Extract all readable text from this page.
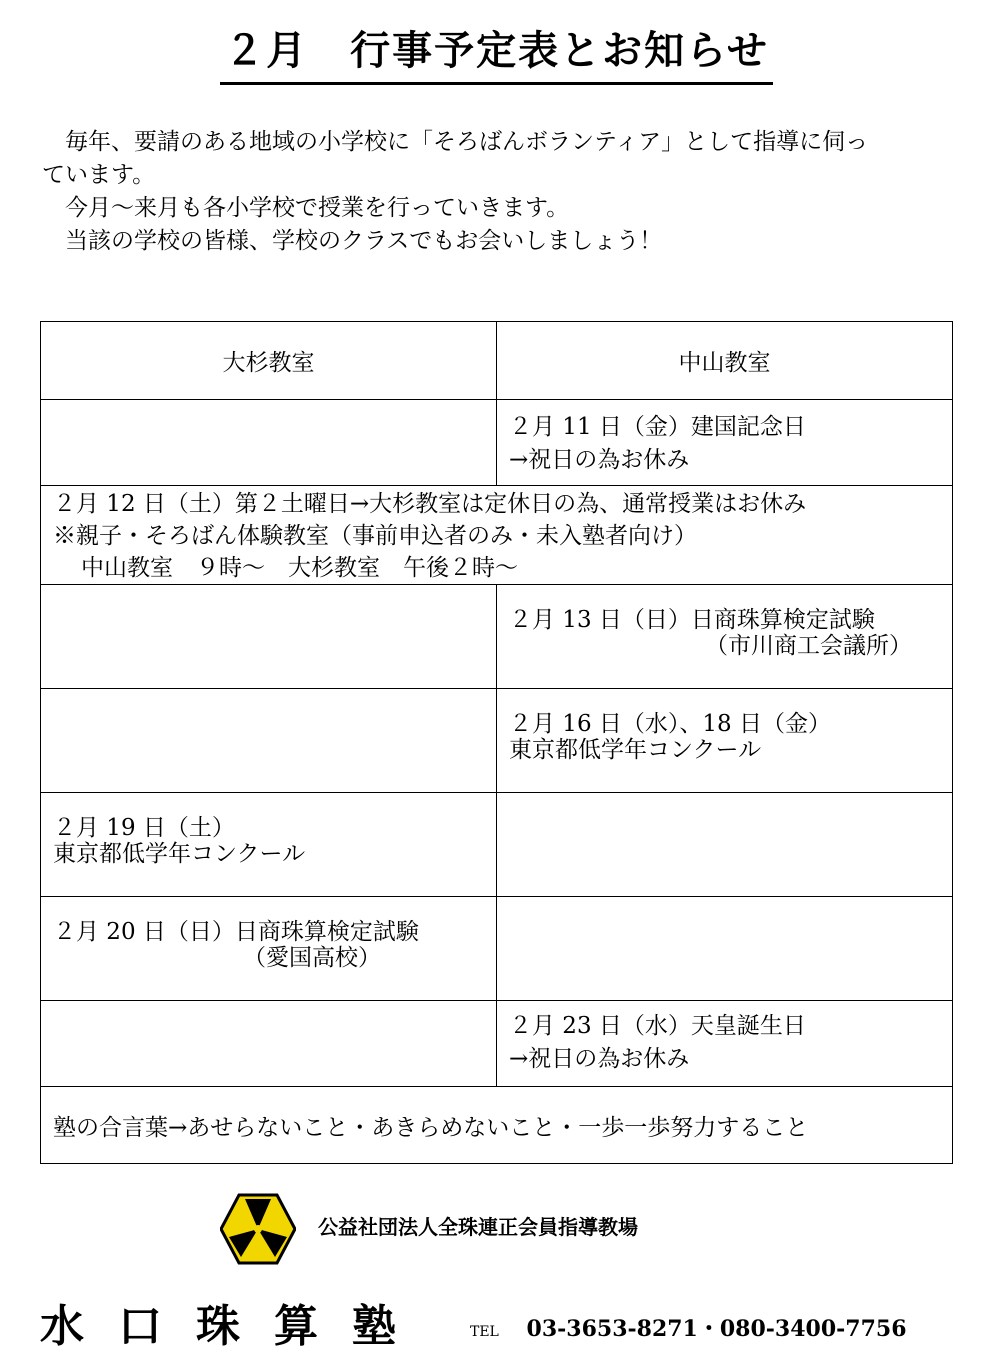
２月　行事予定表とお知らせ

　毎年、要請のある地域の小学校に「そろばんボランティア」として指導に伺っ

ています。

　今月～来月も各小学校で授業を行っていきます。

　当該の学校の皆様、学校のクラスでもお会いしましょう！

大杉教室	中山教室

	２月 11 日（金）建国記念日
→祝日の為お休み

２月 12 日（土）第２土曜日→大杉教室は定休日の為、通常授業はお休み
※親子・そろばん体験教室（事前申込者のみ・未入塾者向け）
中山教室　９時～　大杉教室　午後２時～	

	２月 13 日（日）日商珠算検定試験
（市川商工会議所）

	２月 16 日（水）、18 日（金）
東京都低学年コンクール

２月 19 日（土）
東京都低学年コンクール	

２月 20 日（日）日商珠算検定試験
（愛国高校）	

	２月 23 日（水）天皇誕生日
→祝日の為お休み

塾の合言葉→あせらないこと・あきらめないこと・一歩一歩努力すること	
公益社団法人全珠連正会員指導教場
水口珠算塾	TEL 03-3653-8271・080-3400-7756
